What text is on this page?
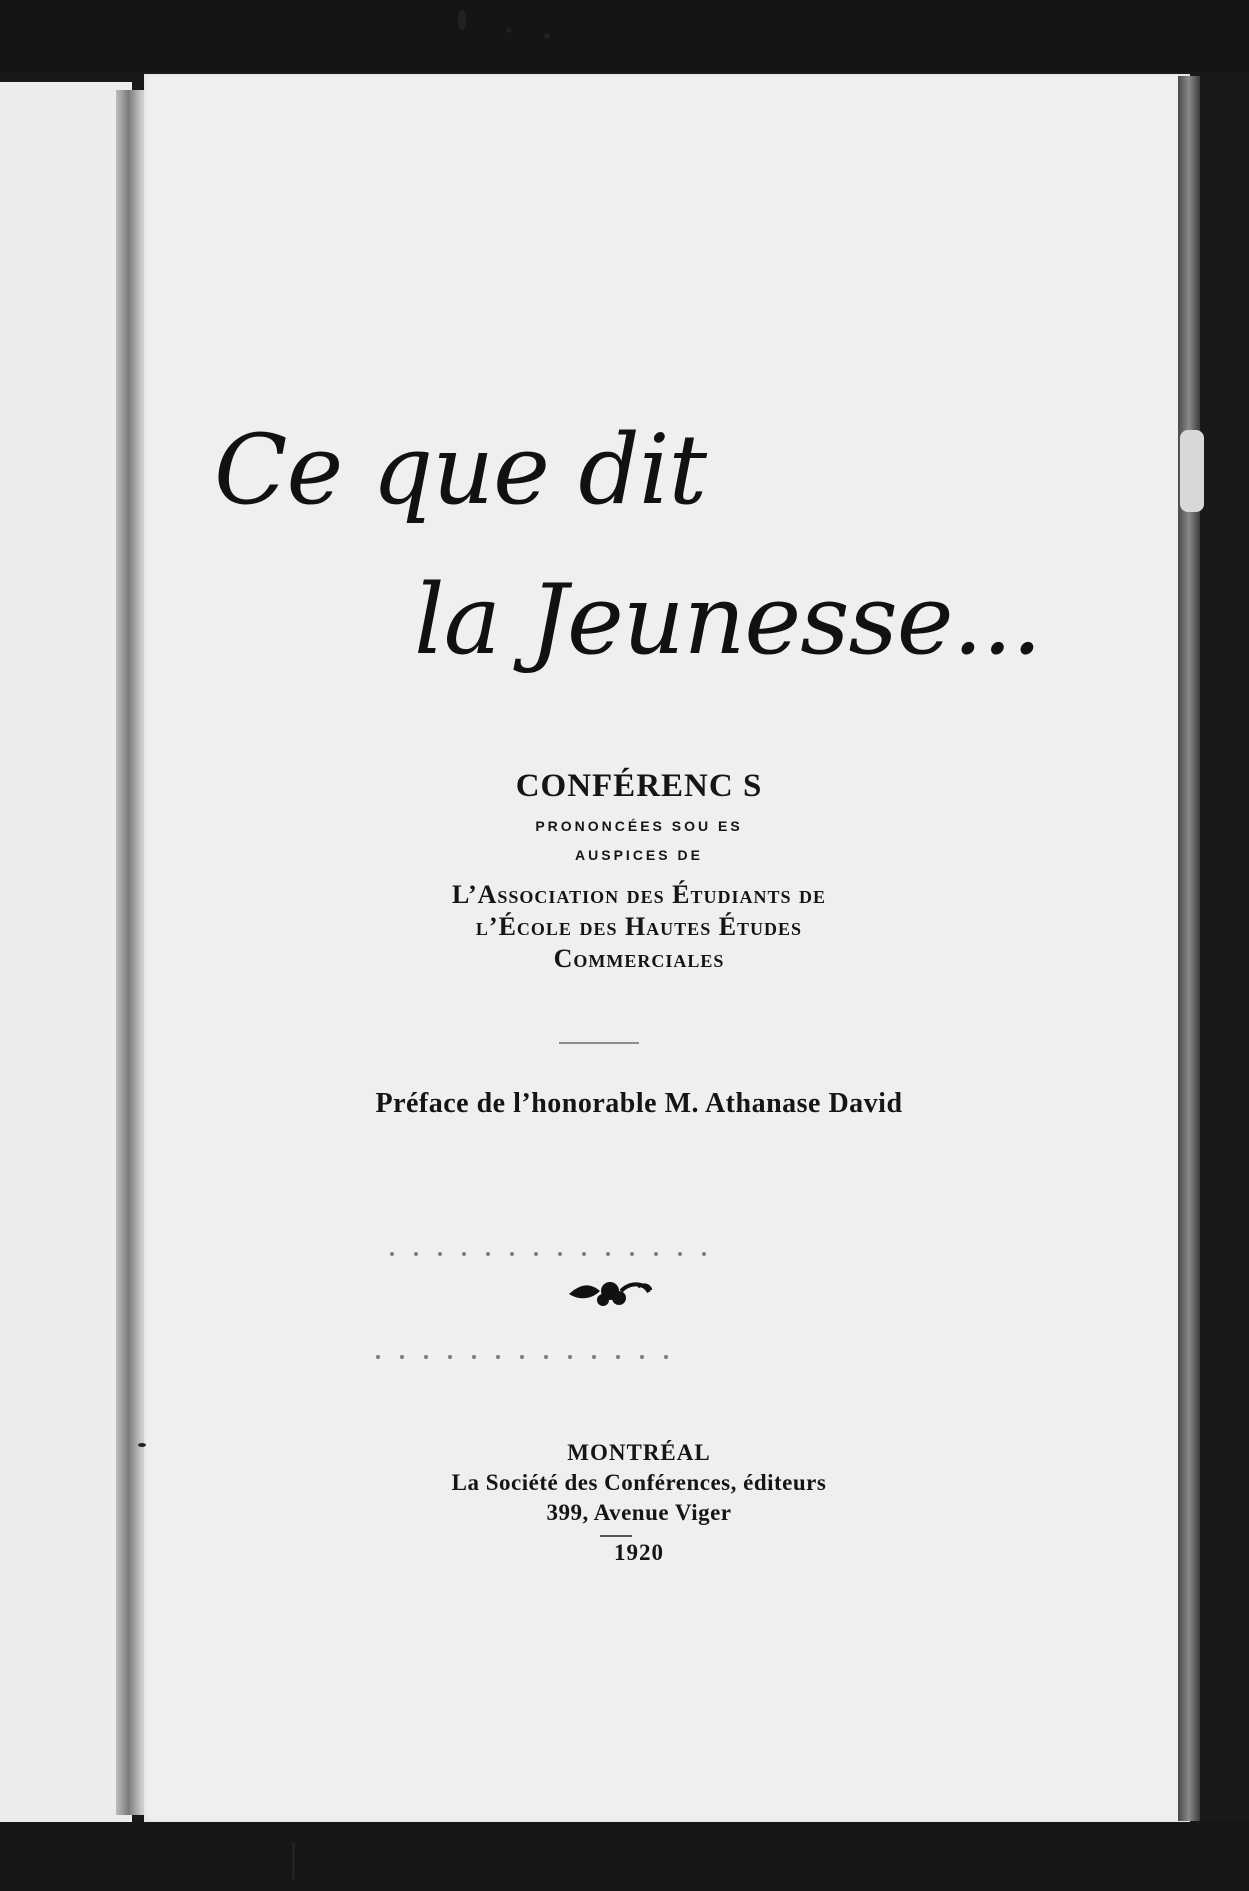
Ce que dit
la Jeunesse...
CONFÉRENC S
PRONONCÉES SOU ES
AUSPICES DE
L’Association des Étudiants de
l’École des Hautes Études
Commerciales
Préface de l’honorable M. Athanase David
MONTRÉAL
La Société des Conférences, éditeurs
399, Avenue Viger
1920
